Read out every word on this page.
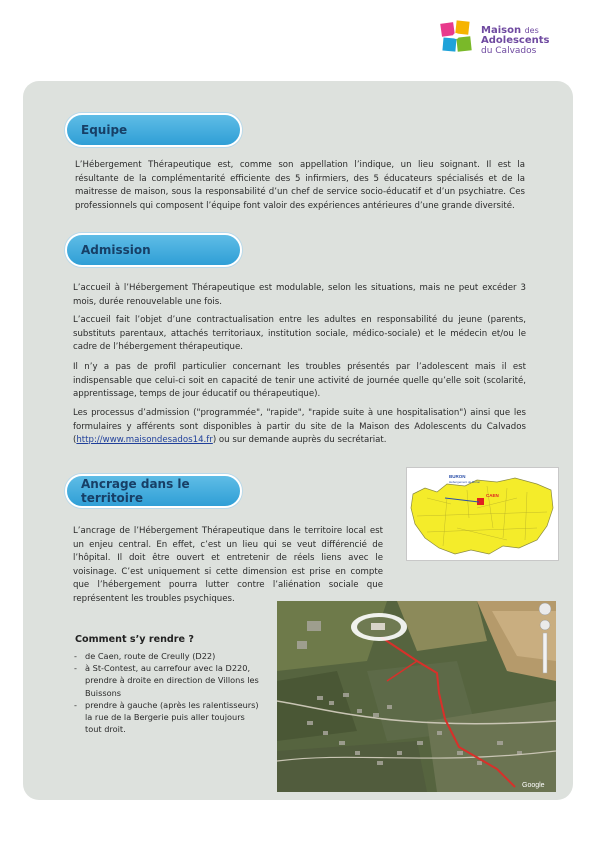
Maison des
Adolescents
du Calvados
Equipe

L’Hébergement Thérapeutique est, comme son appellation l’indique, un lieu soignant. Il est la résultante de la complémentarité efficiente des 5 infirmiers, des 5 éducateurs spécialisés et de la maitresse de maison, sous la responsabilité d’un chef de service socio-éducatif et d’un psychiatre. Ces professionnels qui composent l’équipe font valoir des expériences antérieures d’une grande diversité.

Admission

L’accueil à l’Hébergement Thérapeutique est modulable, selon les situations, mais ne peut excéder 3 mois, durée renouvelable une fois.

L’accueil fait l’objet d’une contractualisation entre les adultes en responsabilité du jeune (parents, substituts parentaux, attachés territoriaux, institution sociale, médico-sociale) et le médecin et/ou le cadre de l’hébergement thérapeutique.

Il n’y a pas de profil particulier concernant les troubles présentés par l’adolescent mais il est indispensable que celui-ci soit en capacité de tenir une activité de journée quelle qu’elle soit (scolarité, apprentissage, temps de jour éducatif ou thérapeutique).

Les processus d’admission ("programmée", "rapide", "rapide suite à une hospitalisation") ainsi que les formulaires y afférents sont disponibles à partir du site de la Maison des Adolescents du Calvados (http://www.maisondesados14.fr) ou sur demande auprès du secrétariat.

Ancrage dans le territoire

L’ancrage de l’Hébergement Thérapeutique dans le territoire local est un enjeu central. En effet, c’est un lieu qui se veut différencié de l’hôpital. Il doit être ouvert et entretenir de réels liens avec le voisinage. C’est uniquement si cette dimension est prise en compte que l’hébergement pourra lutter contre l’aliénation sociale que représentent les troubles psychiques.

BURON
Hébergement de Buron
CAEN
Comment s’y rendre ?
- de Caen, route de Creully (D22)
- à St-Contest, au carrefour avec la D220, prendre à droite en direction de Villons les Buissons
- prendre à gauche (après les ralentisseurs) la rue de la Bergerie puis aller toujours tout droit.
Google
